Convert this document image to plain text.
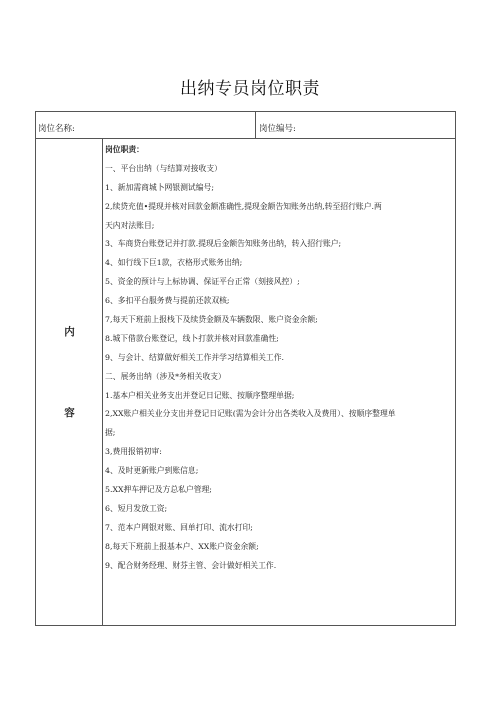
出纳专员岗位职责
岗位名称:	岗位编号:
内
容
岗位职责：
一、平台出纳（与结算对接收支）
1、新加需商城卜网银测试编号;
2,续贷充值•提现并核对回款金额准确性,提现金额告知账务出纳,转至招行账户.两
天内对法账目;
3、车商贷台账登记并打款.提现后金额告知账务出纳，转入招行账户;
4、如行线下巨1款，衣格形式账务出纳;
5、资金的预计与上标协调、保证平台正常（刻接风控）;
6、多扣平台服务费与提前还款双核;
7,每天下班前上报栈下及续贷金额及车辆数限、账户资金余额;
8.城下借款台账登记，线卜打款并核对回款准确性;
9、与会计、结算做好相关工作并学习结算相关工作.
二、展务出纳（涉及*务相关收支）
1.基本户相关业务支出并登记日记账、按顺序整理单据;
2,XX账户相关业分支出并登记日记账(需为会计分出各类收入及费用）、按顺序整理单
据;
3,费用报销初审:
4、及时更新账户到账信息;
5.XX押车押记及方总私户管理;
6、短月发放工资;
7、范本户网银对账、回单打印、流水打印;
8,每天下班前上报基本户、XX账户资金余额;
9、配合财务经理、财芬主管、会计做好相关工作.
